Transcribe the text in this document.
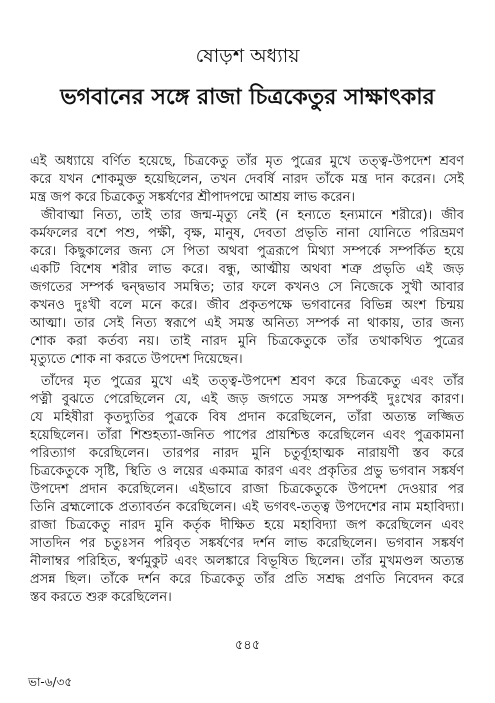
ষোড়শ অধ্যায়
ভগবানের সঙ্গে রাজা চিত্রকেতুর সাক্ষাৎকার
এই অধ্যায়ে বর্ণিত হয়েছে, চিত্রকেতু তাঁর মৃত পুত্রের মুখে তত্ত্ব-উপদেশ শ্রবণ
করে যখন শোকমুক্ত হয়েছিলেন, তখন দেবর্ষি নারদ তাঁকে মন্ত্র দান করেন। সেই
মন্ত্র জপ করে চিত্রকেতু সঙ্কর্ষণের শ্রীপাদপদ্মে আশ্রয় লাভ করেন।
জীবাত্মা নিত্য, তাই তার জন্ম-মৃত্যু নেই (ন হন্যতে হন্যমানে শরীরে)। জীব
কর্মফলের বশে পশু, পক্ষী, বৃক্ষ, মানুষ, দেবতা প্রভৃতি নানা যোনিতে পরিভ্রমণ
করে। কিছুকালের জন্য সে পিতা অথবা পুত্ররূপে মিথ্যা সম্পর্কে সম্পর্কিত হয়ে
একটি বিশেষ শরীর লাভ করে। বন্ধু, আত্মীয় অথবা শত্রু প্রভৃতি এই জড়
জগতের সম্পর্ক দ্বন্দ্বভাব সমন্বিত; তার ফলে কখনও সে নিজেকে সুখী আবার
কখনও দুঃখী বলে মনে করে। জীব প্রকৃতপক্ষে ভগবানের বিভিন্ন অংশ চিন্ময়
আত্মা। তার সেই নিত্য স্বরূপে এই সমস্ত অনিত্য সম্পর্ক না থাকায়, তার জন্য
শোক করা কর্তব্য নয়। তাই নারদ মুনি চিত্রকেতুকে তাঁর তথাকথিত পুত্রের
মৃত্যুতে শোক না করতে উপদেশ দিয়েছেন।
তাঁদের মৃত পুত্রের মুখে এই তত্ত্ব-উপদেশ শ্রবণ করে চিত্রকেতু এবং তাঁর
পত্নী বুঝতে পেরেছিলেন যে, এই জড় জগতে সমস্ত সম্পর্কই দুঃখের কারণ।
যে মহিষীরা কৃতদ্যুতির পুত্রকে বিষ প্রদান করেছিলেন, তাঁরা অত্যন্ত লজ্জিত
হয়েছিলেন। তাঁরা শিশুহত্যা-জনিত পাপের প্রায়শ্চিত্ত করেছিলেন এবং পুত্রকামনা
পরিত্যাগ করেছিলেন। তারপর নারদ মুনি চতুর্ব্যূহাত্মক নারায়ণী স্তব করে
চিত্রকেতুকে সৃষ্টি, স্থিতি ও লয়ের একমাত্র কারণ এবং প্রকৃতির প্রভু ভগবান সঙ্কর্ষণ
উপদেশ প্রদান করেছিলেন। এইভাবে রাজা চিত্রকেতুকে উপদেশ দেওয়ার পর
তিনি ব্রহ্মলোকে প্রত্যাবর্তন করেছিলেন। এই ভগবৎ-তত্ত্ব উপদেশের নাম মহাবিদ্যা।
রাজা চিত্রকেতু নারদ মুনি কর্তৃক দীক্ষিত হয়ে মহাবিদ্যা জপ করেছিলেন এবং
সাতদিন পর চতুঃসন পরিবৃত সঙ্কর্ষণের দর্শন লাভ করেছিলেন। ভগবান সঙ্কর্ষণ
নীলাম্বর পরিহিত, স্বর্ণমুকুট এবং অলঙ্কারে বিভূষিত ছিলেন। তাঁর মুখমণ্ডল অত্যন্ত
প্রসন্ন ছিল। তাঁকে দর্শন করে চিত্রকেতু তাঁর প্রতি সশ্রদ্ধ প্রণতি নিবেদন করে
স্তব করতে শুরু করেছিলেন।
৫৪৫
ভা-৬/৩৫
